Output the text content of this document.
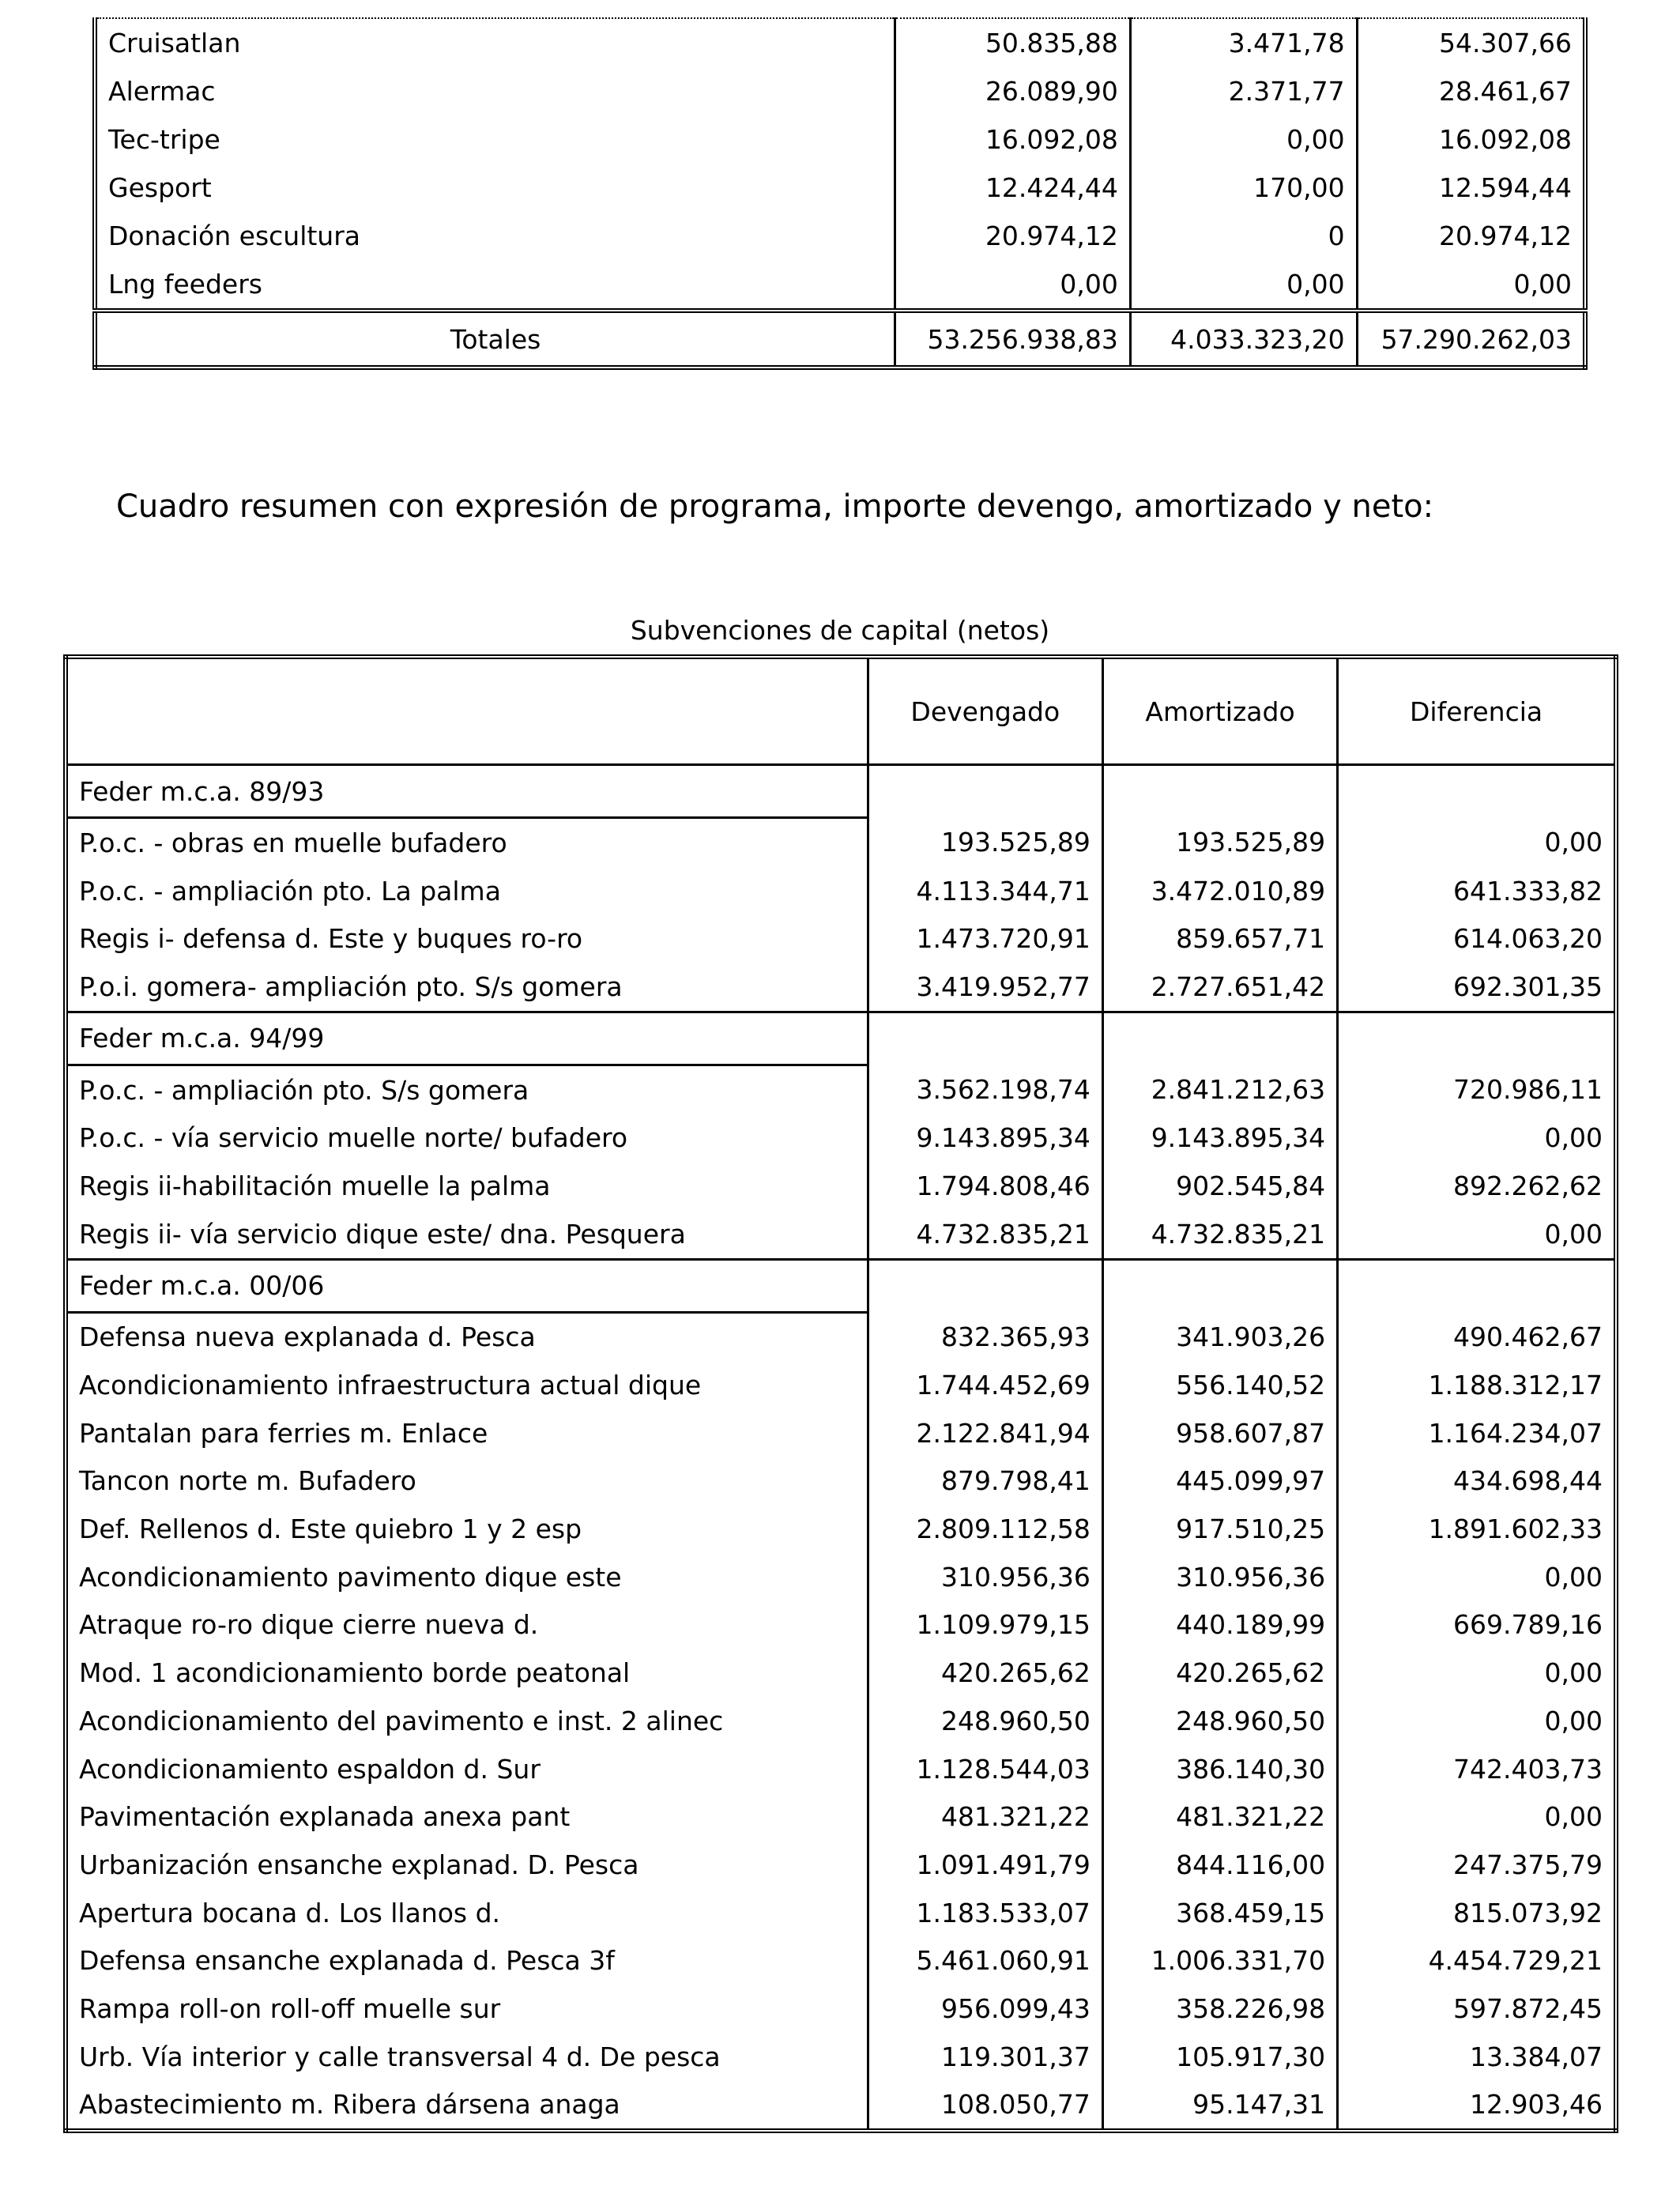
Cruisatlan	50.835,88	3.471,78	54.307,66
Alermac	26.089,90	2.371,77	28.461,67
Tec-tripe	16.092,08	0,00	16.092,08
Gesport	12.424,44	170,00	12.594,44
Donación escultura	20.974,12	0	20.974,12
Lng feeders	0,00	0,00	0,00
Totales	53.256.938,83	4.033.323,20	57.290.262,03
Cuadro resumen con expresión de programa, importe devengo, amortizado y neto:
Subvenciones de capital (netos)
	Devengado	Amortizado	Diferencia
Feder m.c.a. 89/93			
P.o.c. - obras en muelle bufadero	193.525,89	193.525,89	0,00
P.o.c. - ampliación pto. La palma	4.113.344,71	3.472.010,89	641.333,82
Regis i- defensa d. Este y buques ro-ro	1.473.720,91	859.657,71	614.063,20
P.o.i. gomera- ampliación pto. S/s gomera	3.419.952,77	2.727.651,42	692.301,35
Feder m.c.a. 94/99			
P.o.c. - ampliación pto. S/s gomera	3.562.198,74	2.841.212,63	720.986,11
P.o.c. - vía servicio muelle norte/ bufadero	9.143.895,34	9.143.895,34	0,00
Regis ii-habilitación muelle la palma	1.794.808,46	902.545,84	892.262,62
Regis ii- vía servicio dique este/ dna. Pesquera	4.732.835,21	4.732.835,21	0,00
Feder m.c.a. 00/06			
Defensa nueva explanada d. Pesca	832.365,93	341.903,26	490.462,67
Acondicionamiento infraestructura actual dique	1.744.452,69	556.140,52	1.188.312,17
Pantalan para ferries m. Enlace	2.122.841,94	958.607,87	1.164.234,07
Tancon norte m. Bufadero	879.798,41	445.099,97	434.698,44
Def. Rellenos d. Este quiebro 1 y 2 esp	2.809.112,58	917.510,25	1.891.602,33
Acondicionamiento pavimento dique este	310.956,36	310.956,36	0,00
Atraque ro-ro dique cierre nueva d.	1.109.979,15	440.189,99	669.789,16
Mod. 1 acondicionamiento borde peatonal	420.265,62	420.265,62	0,00
Acondicionamiento del pavimento e inst. 2 alinec	248.960,50	248.960,50	0,00
Acondicionamiento espaldon d. Sur	1.128.544,03	386.140,30	742.403,73
Pavimentación explanada anexa pant	481.321,22	481.321,22	0,00
Urbanización ensanche explanad. D. Pesca	1.091.491,79	844.116,00	247.375,79
Apertura bocana d. Los llanos d.	1.183.533,07	368.459,15	815.073,92
Defensa ensanche explanada d. Pesca 3f	5.461.060,91	1.006.331,70	4.454.729,21
Rampa roll-on roll-off muelle sur	956.099,43	358.226,98	597.872,45
Urb. Vía interior y calle transversal 4 d. De pesca	119.301,37	105.917,30	13.384,07
Abastecimiento m. Ribera dársena anaga	108.050,77	95.147,31	12.903,46
